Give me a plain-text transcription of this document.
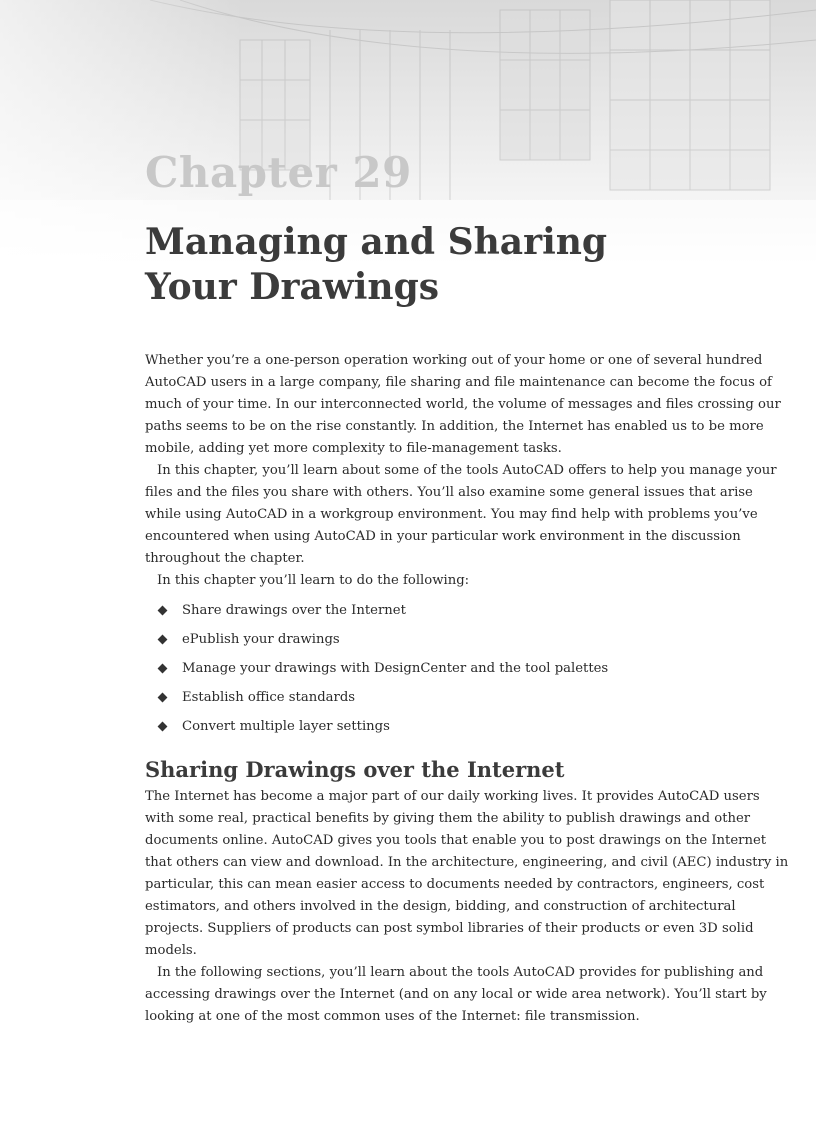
Chapter 29
Managing and Sharing
Your Drawings

Whether you’re a one-person operation working out of your home or one of several hundred AutoCAD users in a large company, file sharing and file maintenance can become the focus of much of your time. In our interconnected world, the volume of messages and files crossing our paths seems to be on the rise constantly. In addition, the Internet has enabled us to be more mobile, adding yet more complexity to file-management tasks.

In this chapter, you’ll learn about some of the tools AutoCAD offers to help you manage your files and the files you share with others. You’ll also examine some general issues that arise while using AutoCAD in a workgroup environment. You may find help with problems you’ve encountered when using AutoCAD in your particular work environment in the discussion throughout the chapter.

In this chapter you’ll learn to do the following:

Share drawings over the Internet
ePublish your drawings
Manage your drawings with DesignCenter and the tool palettes
Establish office standards
Convert multiple layer settings
Sharing Drawings over the Internet

The Internet has become a major part of our daily working lives. It provides AutoCAD users with some real, practical benefits by giving them the ability to publish drawings and other documents online. AutoCAD gives you tools that enable you to post drawings on the Internet that others can view and download. In the architecture, engineering, and civil (AEC) industry in particular, this can mean easier access to documents needed by contractors, engineers, cost estimators, and others involved in the design, bidding, and construction of architectural projects. Suppliers of products can post symbol libraries of their products or even 3D solid models.

In the following sections, you’ll learn about the tools AutoCAD provides for publishing and accessing drawings over the Internet (and on any local or wide area network). You’ll start by looking at one of the most common uses of the Internet: file transmission.
